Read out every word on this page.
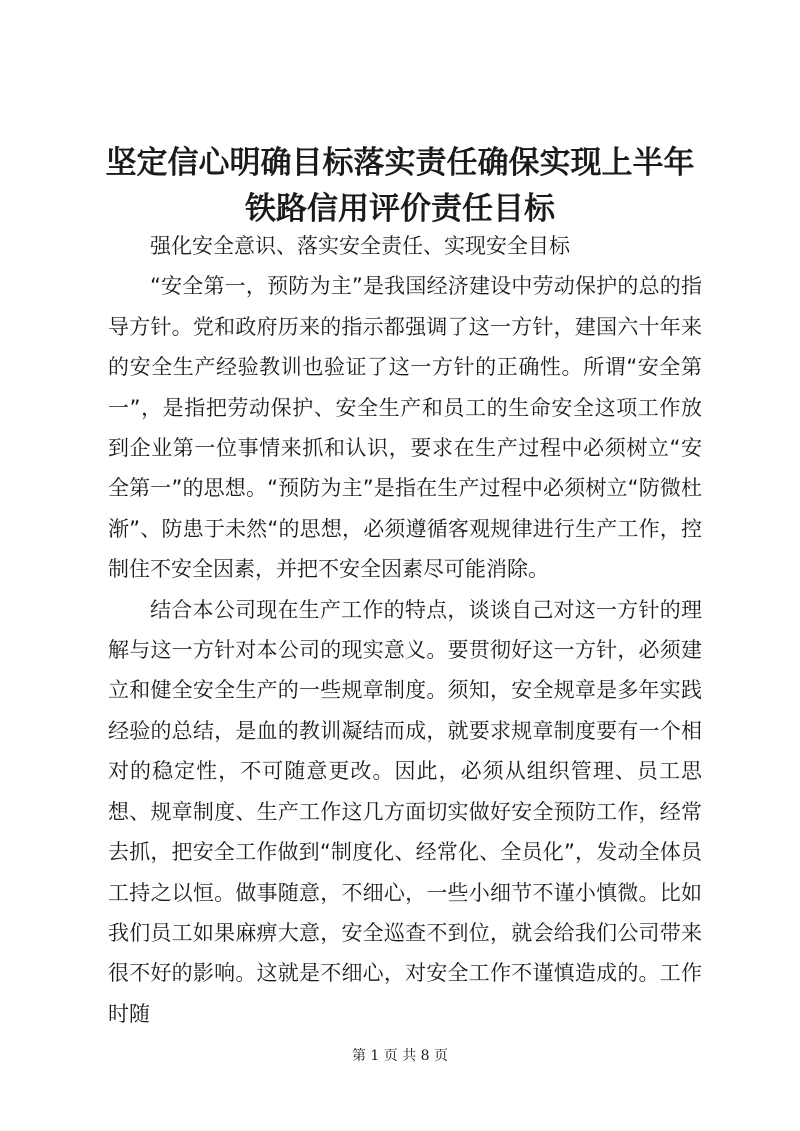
坚定信心明确目标落实责任确保实现上半年铁路信用评价责任目标

强化安全意识、落实安全责任、实现安全目标

“安全第一，预防为主”是我国经济建设中劳动保护的总的指导方针。党和政府历来的指示都强调了这一方针，建国六十年来的安全生产经验教训也验证了这一方针的正确性。所谓“安全第一”，是指把劳动保护、安全生产和员工的生命安全这项工作放到企业第一位事情来抓和认识，要求在生产过程中必须树立“安全第一”的思想。“预防为主”是指在生产过程中必须树立“防微杜渐”、防患于未然“的思想，必须遵循客观规律进行生产工作，控制住不安全因素，并把不安全因素尽可能消除。

结合本公司现在生产工作的特点，谈谈自己对这一方针的理解与这一方针对本公司的现实意义。要贯彻好这一方针，必须建立和健全安全生产的一些规章制度。须知，安全规章是多年实践经验的总结，是血的教训凝结而成，就要求规章制度要有一个相对的稳定性，不可随意更改。因此，必须从组织管理、员工思想、规章制度、生产工作这几方面切实做好安全预防工作，经常去抓，把安全工作做到“制度化、经常化、全员化”，发动全体员工持之以恒。做事随意，不细心，一些小细节不谨小慎微。比如我们员工如果麻痹大意，安全巡查不到位，就会给我们公司带来很不好的影响。这就是不细心，对安全工作不谨慎造成的。工作时随

第 1 页 共 8 页
